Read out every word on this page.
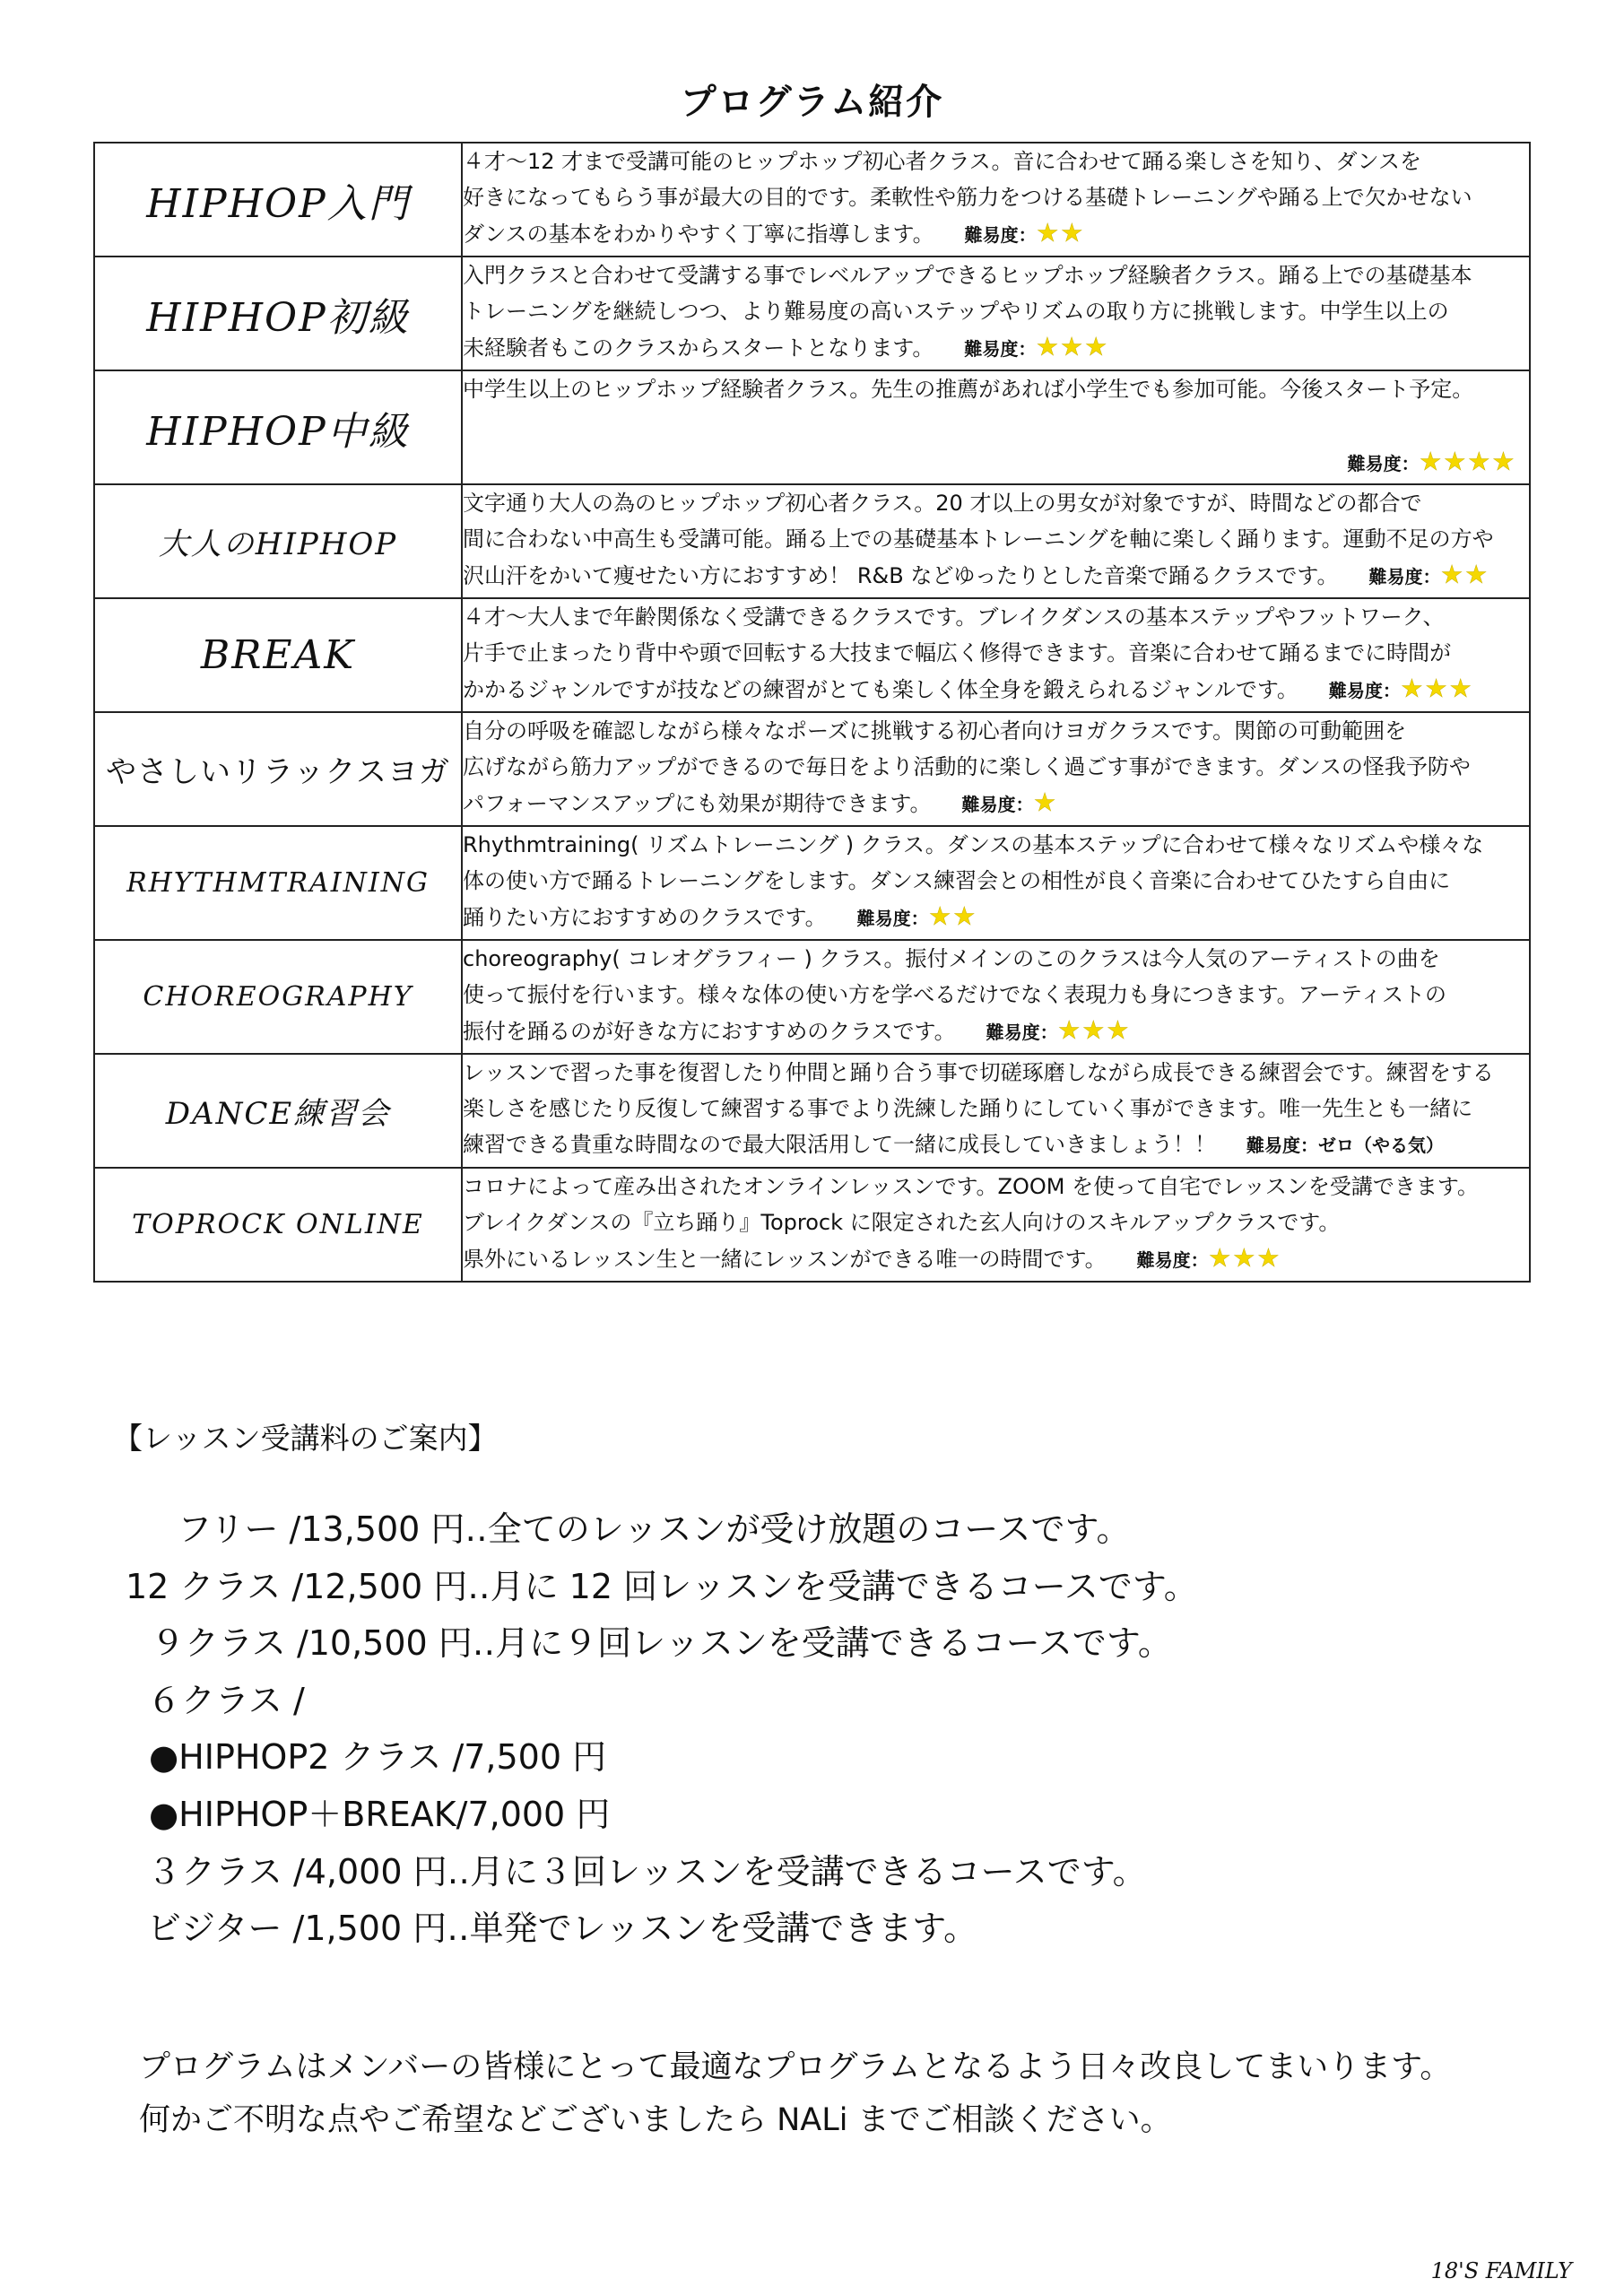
プログラム紹介
HIPHOP入門	４才〜12 才まで受講可能のヒップホップ初心者クラス。音に合わせて踊る楽しさを知り、ダンスを
好きになってもらう事が最大の目的です。柔軟性や筋力をつける基礎トレーニングや踊る上で欠かせない
ダンスの基本をわかりやすく丁寧に指導します。 難易度：★★

HIPHOP初級	入門クラスと合わせて受講する事でレベルアップできるヒップホップ経験者クラス。踊る上での基礎基本
トレーニングを継続しつつ、より難易度の高いステップやリズムの取り方に挑戦します。中学生以上の
未経験者もこのクラスからスタートとなります。 難易度：★★★

HIPHOP中級	中学生以上のヒップホップ経験者クラス。先生の推薦があれば小学生でも参加可能。今後スタート予定。
難易度：★★★★

大人のHIPHOP	文字通り大人の為のヒップホップ初心者クラス。20 才以上の男女が対象ですが、時間などの都合で
間に合わない中高生も受講可能。踊る上での基礎基本トレーニングを軸に楽しく踊ります。運動不足の方や
沢山汗をかいて痩せたい方におすすめ！ R&B などゆったりとした音楽で踊るクラスです。 難易度：★★

BREAK	４才〜大人まで年齢関係なく受講できるクラスです。ブレイクダンスの基本ステップやフットワーク、
片手で止まったり背中や頭で回転する大技まで幅広く修得できます。音楽に合わせて踊るまでに時間が
かかるジャンルですが技などの練習がとても楽しく体全身を鍛えられるジャンルです。 難易度：★★★

やさしいリラックスヨガ	自分の呼吸を確認しながら様々なポーズに挑戦する初心者向けヨガクラスです。関節の可動範囲を
広げながら筋力アップができるので毎日をより活動的に楽しく過ごす事ができます。ダンスの怪我予防や
パフォーマンスアップにも効果が期待できます。 難易度：★

RHYTHMTRAINING	Rhythmtraining( リズムトレーニング ) クラス。ダンスの基本ステップに合わせて様々なリズムや様々な
体の使い方で踊るトレーニングをします。ダンス練習会との相性が良く音楽に合わせてひたすら自由に
踊りたい方におすすめのクラスです。 難易度：★★

CHOREOGRAPHY	choreography( コレオグラフィー ) クラス。振付メインのこのクラスは今人気のアーティストの曲を
使って振付を行います。様々な体の使い方を学べるだけでなく表現力も身につきます。アーティストの
振付を踊るのが好きな方におすすめのクラスです。 難易度：★★★

DANCE練習会	レッスンで習った事を復習したり仲間と踊り合う事で切磋琢磨しながら成長できる練習会です。練習をする
楽しさを感じたり反復して練習する事でより洗練した踊りにしていく事ができます。唯一先生とも一緒に
練習できる貴重な時間なので最大限活用して一緒に成長していきましょう！！ 難易度：ゼロ（やる気）

TOPROCK ONLINE	コロナによって産み出されたオンラインレッスンです。ZOOM を使って自宅でレッスンを受講できます。
ブレイクダンスの『立ち踊り』Toprock に限定された玄人向けのスキルアップクラスです。
県外にいるレッスン生と一緒にレッスンができる唯一の時間です。 難易度：★★★
【レッスン受講料のご案内】
フリー /13,500 円‥全てのレッスンが受け放題のコースです。
12 クラス /12,500 円‥月に 12 回レッスンを受講できるコースです。
９クラス /10,500 円‥月に９回レッスンを受講できるコースです。
６クラス /
●HIPHOP2 クラス /7,500 円
●HIPHOP＋BREAK/7,000 円
３クラス /4,000 円‥月に３回レッスンを受講できるコースです。
ビジター /1,500 円‥単発でレッスンを受講できます。
プログラムはメンバーの皆様にとって最適なプログラムとなるよう日々改良してまいります。
何かご不明な点やご希望などございましたら NALi までご相談ください。
18'S FAMILY
